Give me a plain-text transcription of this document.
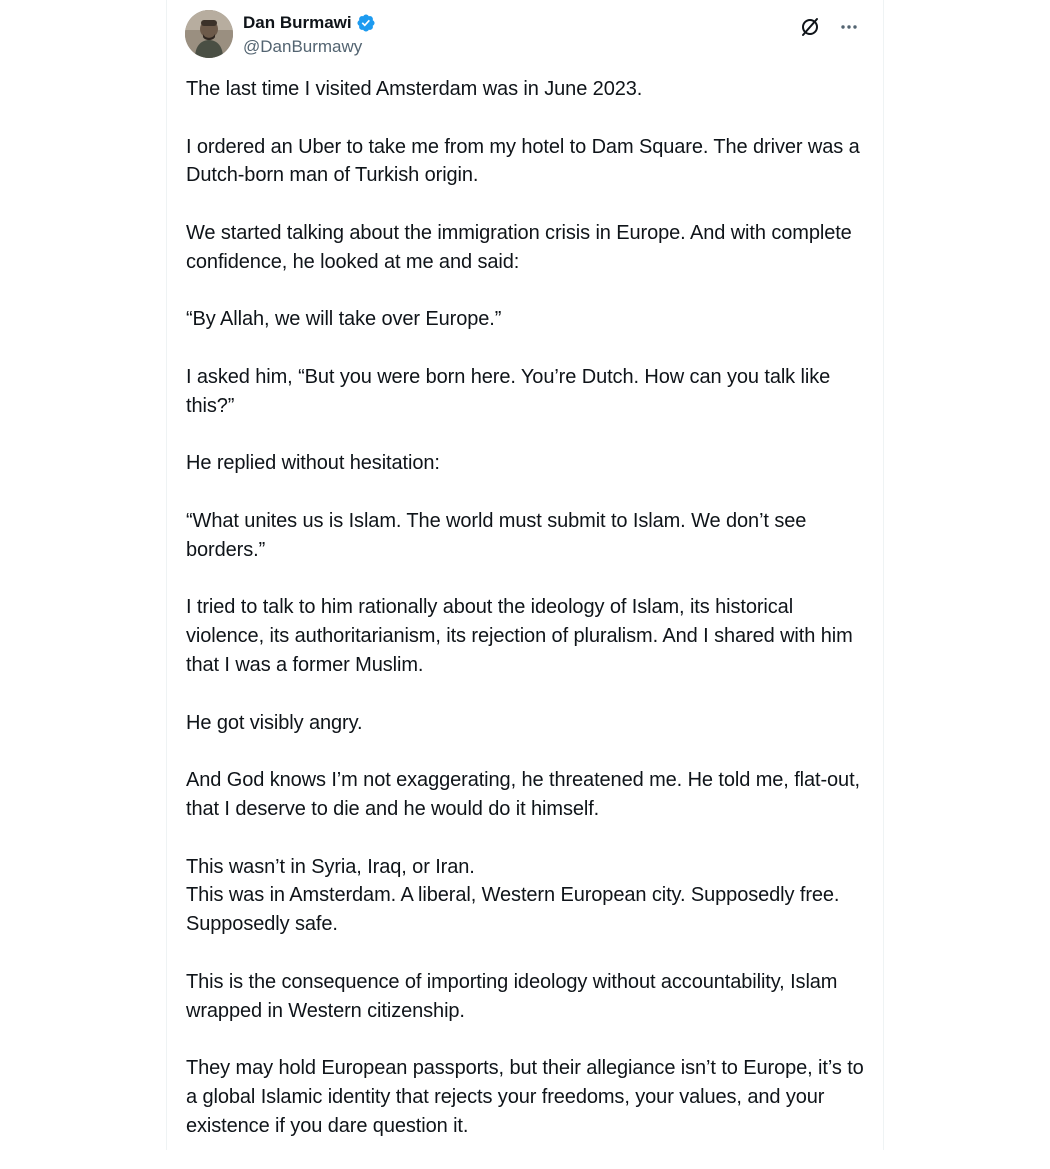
Dan Burmawi
@DanBurmawy

The last time I visited Amsterdam was in June 2023.

I ordered an Uber to take me from my hotel to Dam Square. The driver was a Dutch-born man of Turkish origin.

We started talking about the immigration crisis in Europe. And with complete confidence, he looked at me and said:

“By Allah, we will take over Europe.”

I asked him, “But you were born here. You’re Dutch. How can you talk like this?”

He replied without hesitation:

“What unites us is Islam. The world must submit to Islam. We don’t see borders.”

I tried to talk to him rationally about the ideology of Islam, its historical violence, its authoritarianism, its rejection of pluralism. And I shared with him that I was a former Muslim.

He got visibly angry.

And God knows I’m not exaggerating, he threatened me. He told me, flat-out, that I deserve to die and he would do it himself.

This wasn’t in Syria, Iraq, or Iran.
This was in Amsterdam. A liberal, Western European city. Supposedly free. Supposedly safe.

This is the consequence of importing ideology without accountability, Islam wrapped in Western citizenship.

They may hold European passports, but their allegiance isn’t to Europe, it’s to a global Islamic identity that rejects your freedoms, your values, and your existence if you dare question it.
